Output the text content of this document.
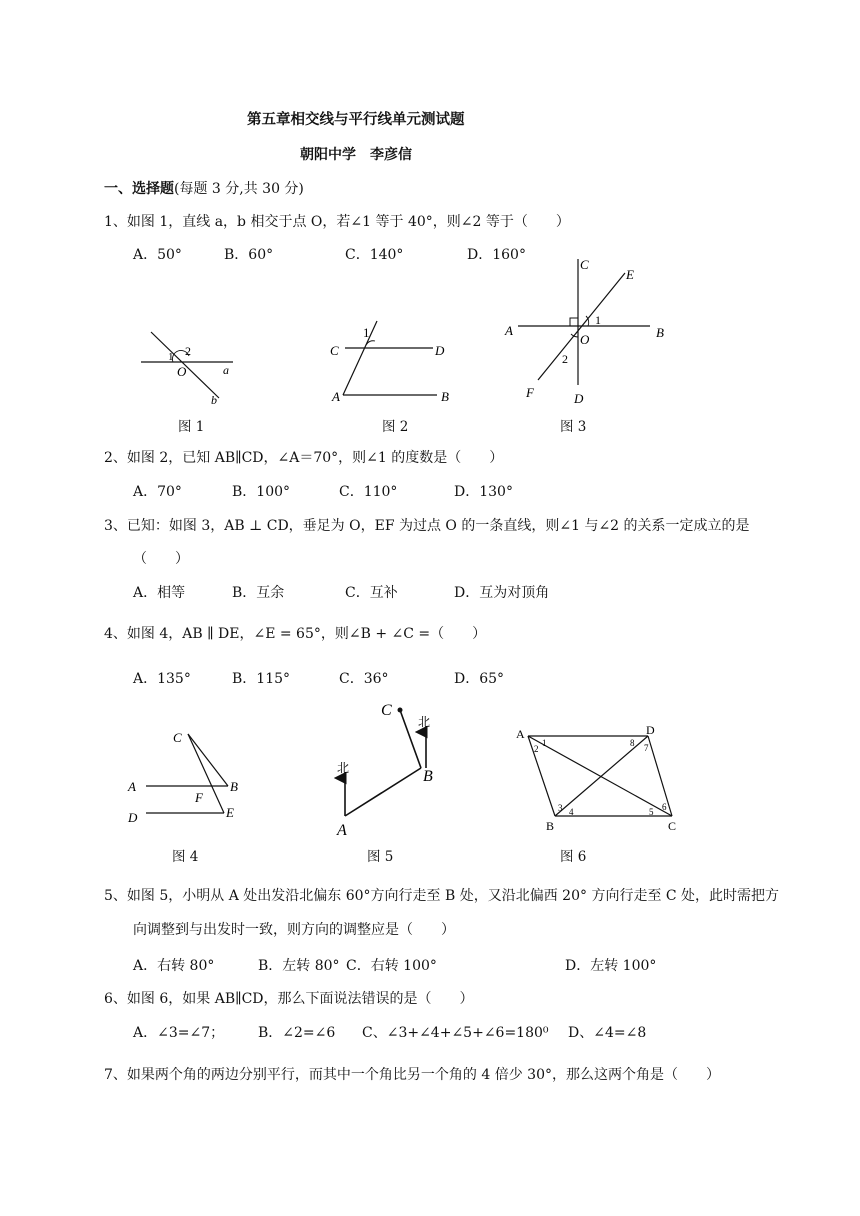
第五章相交线与平行线单元测试题
朝阳中学　李彦信
一、选择题(每题 3 分,共 30 分)
1、如图 1，直线 a，b 相交于点 O，若∠1 等于 40°，则∠2 等于（　　）
A．50°	B．60°	C．140°	D．160°
1 2
O	a
b
图 1
1
C	D
A	B
图 2
C
E
A	B
O
1
2
F	D
图 3
2、如图 2，已知 AB∥CD，∠A＝70°，则∠1 的度数是（　　）
A．70°	B．100°	C．110°	D．130°
3、已知：如图 3，AB ⊥ CD，垂足为 O，EF 为过点 O 的一条直线，则∠1 与∠2 的关系一定成立的是
（　　）
A．相等	B．互余	C．互补	D．互为对顶角
4、如图 4，AB ∥ DE，∠E = 65°，则∠B + ∠C =（　　）
A．135°	B．115°	C．36°	D．65°
C
A	B
F
D	E
图 4
C
北
北	B
A
图 5
A	D
B	C
1
2
3 4	5 6
7
8
图 6
5、如图 5，小明从 A 处出发沿北偏东 60°方向行走至 B 处，又沿北偏西 20° 方向行走至 C 处，此时需把方
向调整到与出发时一致，则方向的调整应是（　　）
A．右转 80°	B．左转 80° C．右转 100°	D．左转 100°
6、如图 6，如果 AB∥CD，那么下面说法错误的是（　　）
A．∠3=∠7； B．∠2=∠6 C、∠3+∠4+∠5+∠6=180⁰ D、∠4=∠8
7、如果两个角的两边分别平行，而其中一个角比另一个角的 4 倍少 30°，那么这两个角是（　　）
